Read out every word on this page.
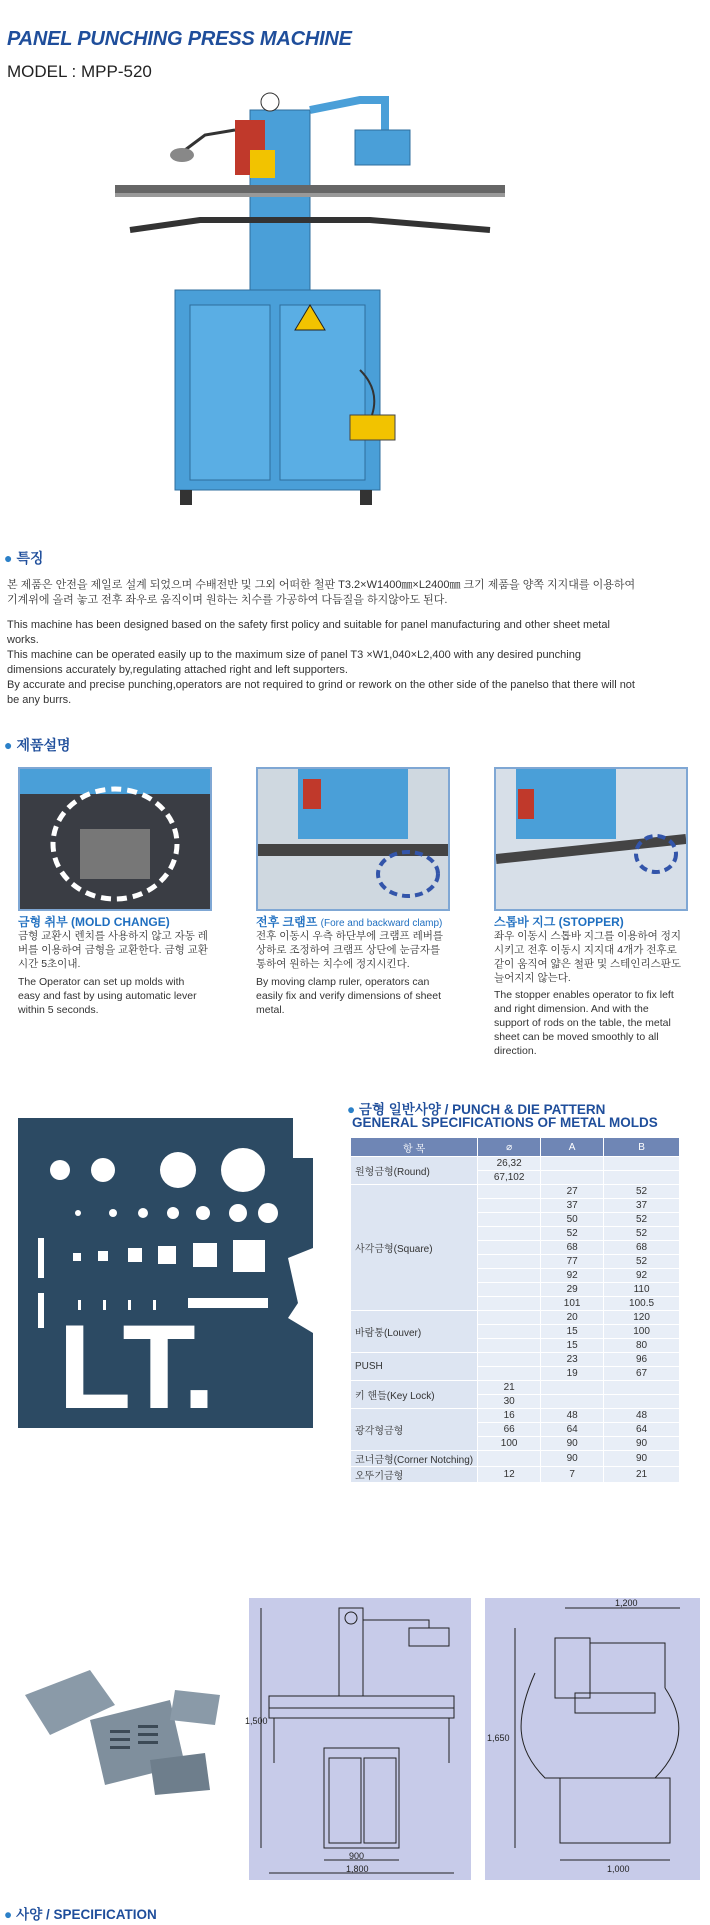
PANEL PUNCHING PRESS MACHINE
MODEL : MPP-520
● 특징
본 제품은 안전을 제일로 설계 되었으며 수배전반 및 그외 어떠한 철판 T3.2×W1400㎜×L2400㎜ 크기 제품을 양쪽 지지대를 이용하여 기계위에 올려 놓고 전후 좌우로 움직이며 원하는 치수를 가공하여 다듬질을 하지않아도 된다.
This machine has been designed based on the safety first policy and suitable for panel manufacturing and other sheet metal works.
This machine can be operated easily up to the maximum size of panel T3 ×W1,040×L2,400 with any desired punching dimensions accurately by,regulating attached right and left supporters.
By accurate and precise punching,operators are not required to grind or rework on the other side of the panelso that there will not be any burrs.
● 제품설명
금형 취부 (MOLD CHANGE)
금형 교환시 렌치를 사용하지 않고 자동 레버를 이용하여 금형을 교환한다. 금형 교환 시간 5초이내.
The Operator can set up molds with easy and fast by using automatic lever within 5 seconds.
전후 크램프 (Fore and backward clamp)
전후 이동시 우측 하단부에 크램프 레버를 상하로 조정하여 크램프 상단에 눈금자를 통하여 원하는 치수에 정지시킨다.
By moving clamp ruler, operators can easily fix and verify dimensions of sheet metal.
스톱바 지그 (STOPPER)
좌우 이동시 스톱바 지그를 이용하여 정지시키고 전후 이동시 지지대 4개가 전후로 같이 움직여 얇은 철판 및 스테인리스판도 늘어지지 않는다.
The stopper enables operator to fix left and right dimension. And with the support of rods on the table, the metal sheet can be moved smoothly to all direction.
LT.
● 금형 일반사양 / PUNCH & DIE PATTERN
GENERAL SPECIFICATIONS OF METAL MOLDS
항 목	⌀	A	B
원형금형(Round)	26,32		
	67,102		
사각금형(Square)		27	52
		37	37
		50	52
		52	52
		68	68
		77	52
		92	92
		29	110
		101	100.5
바람통(Louver)		20	120
		15	100
		15	80
PUSH		23	96
		19	67
키 핸들(Key Lock)	21		
	30		
광각형금형	16	48	48
	66	64	64
	100	90	90
코너금형(Corner Notching)		90	90
오뚜기금형	12	7	21
1,500
900
1,800
1,200
1,650
1,000
● 사양 / SPECIFICATION
